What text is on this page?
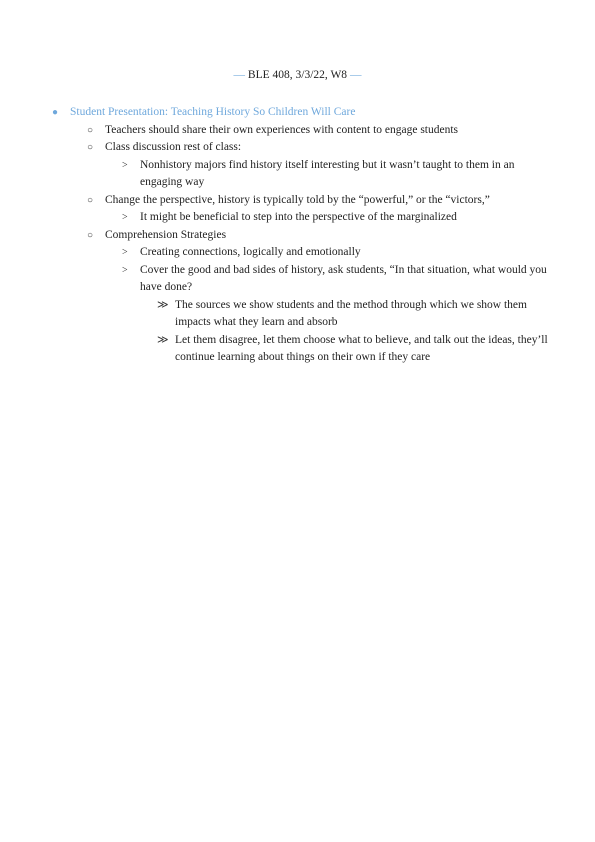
— BLE 408, 3/3/22, W8 —
● Student Presentation: Teaching History So Children Will Care
○ Teachers should share their own experiences with content to engage students
○ Class discussion rest of class:
> Nonhistory majors find history itself interesting but it wasn’t taught to them in an engaging way
○ Change the perspective, history is typically told by the “powerful,” or the “victors,”
> It might be beneficial to step into the perspective of the marginalized
○ Comprehension Strategies
> Creating connections, logically and emotionally
> Cover the good and bad sides of history, ask students, “In that situation, what would you have done?
≫ The sources we show students and the method through which we show them impacts what they learn and absorb
≫ Let them disagree, let them choose what to believe, and talk out the ideas, they’ll continue learning about things on their own if they care
